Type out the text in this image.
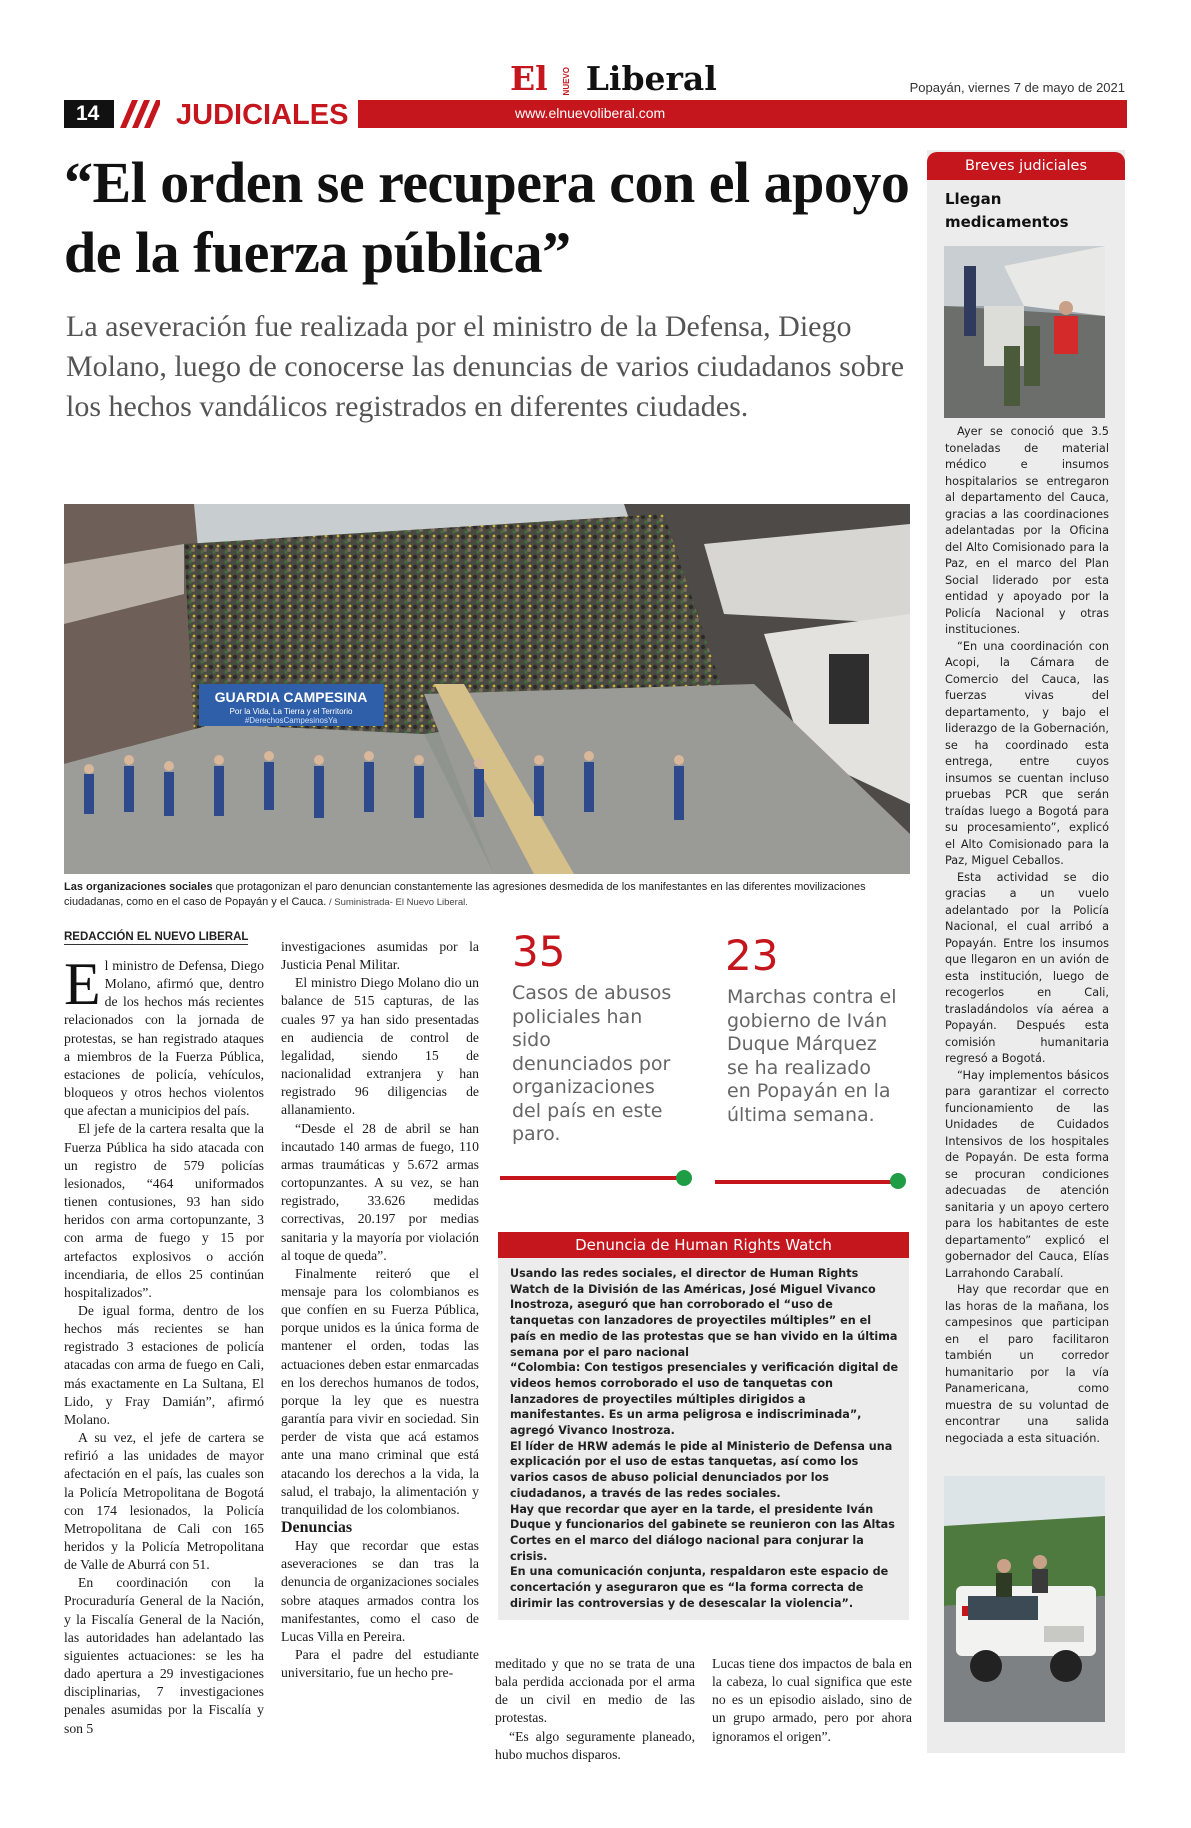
El NUEVO Liberal	Popayán, viernes 7 de mayo de 2021
14	JUDICIALES	www.elnuevoliberal.com
“El orden se recupera con el apoyo de la fuerza pública”

La aseveración fue realizada por el ministro de la Defensa, Diego Molano, luego de conocerse las denuncias de varios ciudadanos sobre los hechos vandálicos registrados en diferentes ciudades.

GUARDIA CAMPESINA
Por la Vida, La Tierra y el Territorio
#DerechosCampesinosYa
Las organizaciones sociales que protagonizan el paro denuncian constantemente las agresiones desmedida de los manifestantes en las diferentes movilizaciones ciudadanas, como en el caso de Popayán y el Cauca. / Suministrada- El Nuevo Liberal.
REDACCIÓN EL NUEVO LIBERAL

El ministro de Defensa, Diego Molano, afirmó que, dentro de los hechos más recientes relacionados con la jornada de protestas, se han registrado ataques a miembros de la Fuerza Pública, estaciones de policía, vehículos, bloqueos y otros hechos violentos que afectan a municipios del país.

El jefe de la cartera resalta que la Fuerza Pública ha sido atacada con un registro de 579 policías lesionados, “464 uniformados tienen contusiones, 93 han sido heridos con arma cortopunzante, 3 con arma de fuego y 15 por artefactos explosivos o acción incendiaria, de ellos 25 continúan hospitalizados”.

De igual forma, dentro de los hechos más recientes se han registrado 3 estaciones de policía atacadas con arma de fuego en Cali, más exactamente en La Sultana, El Lido, y Fray Damián”, afirmó Molano.

A su vez, el jefe de cartera se refirió a las unidades de mayor afectación en el país, las cuales son la Policía Metropolitana de Bogotá con 174 lesionados, la Policía Metropolitana de Cali con 165 heridos y la Policía Metropolitana de Valle de Aburrá con 51.

En coordinación con la Procuraduría General de la Nación, y la Fiscalía General de la Nación, las autoridades han adelantado las siguientes actuaciones: se les ha dado apertura a 29 investigaciones disciplinarias, 7 investigaciones penales asumidas por la Fiscalía y son 5

investigaciones asumidas por la Justicia Penal Militar.

El ministro Diego Molano dio un balance de 515 capturas, de las cuales 97 ya han sido presentadas en audiencia de control de legalidad, siendo 15 de nacionalidad extranjera y han registrado 96 diligencias de allanamiento.

“Desde el 28 de abril se han incautado 140 armas de fuego, 110 armas traumáticas y 5.672 armas cortopunzantes. A su vez, se han registrado, 33.626 medidas correctivas, 20.197 por medias sanitaria y la mayoría por violación al toque de queda”.

Finalmente reiteró que el mensaje para los colombianos es que confíen en su Fuerza Pública, porque unidos es la única forma de mantener el orden, todas las actuaciones deben estar enmarcadas en los derechos humanos de todos, porque la ley que es nuestra garantía para vivir en sociedad. Sin perder de vista que acá estamos ante una mano criminal que está atacando los derechos a la vida, la salud, el trabajo, la alimentación y tranquilidad de los colombianos.

Denuncias

Hay que recordar que estas aseveraciones se dan tras la denuncia de organizaciones sociales sobre ataques armados contra los manifestantes, como el caso de Lucas Villa en Pereira.

Para el padre del estudiante universitario, fue un hecho pre-

meditado y que no se trata de una bala perdida accionada por el arma de un civil en medio de las protestas.

“Es algo seguramente planeado, hubo muchos disparos.

Lucas tiene dos impactos de bala en la cabeza, lo cual significa que este no es un episodio aislado, sino de un grupo armado, pero por ahora ignoramos el origen”.

35
Casos de abusos policiales han sido denunciados por organizaciones del país en este paro.
23
Marchas contra el gobierno de Iván Duque Márquez se ha realizado en Popayán en la última semana.
Denuncia de Human Rights Watch

Usando las redes sociales, el director de Human Rights Watch de la División de las Américas, José Miguel Vivanco Inostroza, aseguró que han corroborado el “uso de tanquetas con lanzadores de proyectiles múltiples” en el país en medio de las protestas que se han vivido en la última semana por el paro nacional

“Colombia: Con testigos presenciales y verificación digital de videos hemos corroborado el uso de tanquetas con lanzadores de proyectiles múltiples dirigidos a manifestantes. Es un arma peligrosa e indiscriminada”, agregó Vivanco Inostroza.

El líder de HRW además le pide al Ministerio de Defensa una explicación por el uso de estas tanquetas, así como los varios casos de abuso policial denunciados por los ciudadanos, a través de las redes sociales.

Hay que recordar que ayer en la tarde, el presidente Iván Duque y funcionarios del gabinete se reunieron con las Altas Cortes en el marco del diálogo nacional para conjurar la crisis.

En una comunicación conjunta, respaldaron este espacio de concertación y aseguraron que es “la forma correcta de dirimir las controversias y de desescalar la violencia”.

Breves judiciales
Llegan medicamentos

Ayer se conoció que 3.5 toneladas de material médico e insumos hospitalarios se entregaron al departamento del Cauca, gracias a las coordinaciones adelantadas por la Oficina del Alto Comisionado para la Paz, en el marco del Plan Social liderado por esta entidad y apoyado por la Policía Nacional y otras instituciones.

“En una coordinación con Acopi, la Cámara de Comercio del Cauca, las fuerzas vivas del departamento, y bajo el liderazgo de la Gobernación, se ha coordinado esta entrega, entre cuyos insumos se cuentan incluso pruebas PCR que serán traídas luego a Bogotá para su procesamiento”, explicó el Alto Comisionado para la Paz, Miguel Ceballos.

Esta actividad se dio gracias a un vuelo adelantado por la Policía Nacional, el cual arribó a Popayán. Entre los insumos que llegaron en un avión de esta institución, luego de recogerlos en Cali, trasladándolos vía aérea a Popayán. Después esta comisión humanitaria regresó a Bogotá.

“Hay implementos básicos para garantizar el correcto funcionamiento de las Unidades de Cuidados Intensivos de los hospitales de Popayán. De esta forma se procuran condiciones adecuadas de atención sanitaria y un apoyo certero para los habitantes de este departamento” explicó el gobernador del Cauca, Elías Larrahondo Carabalí.

Hay que recordar que en las horas de la mañana, los campesinos que participan en el paro facilitaron también un corredor humanitario por la vía Panamericana, como muestra de su voluntad de encontrar una salida negociada a esta situación.
